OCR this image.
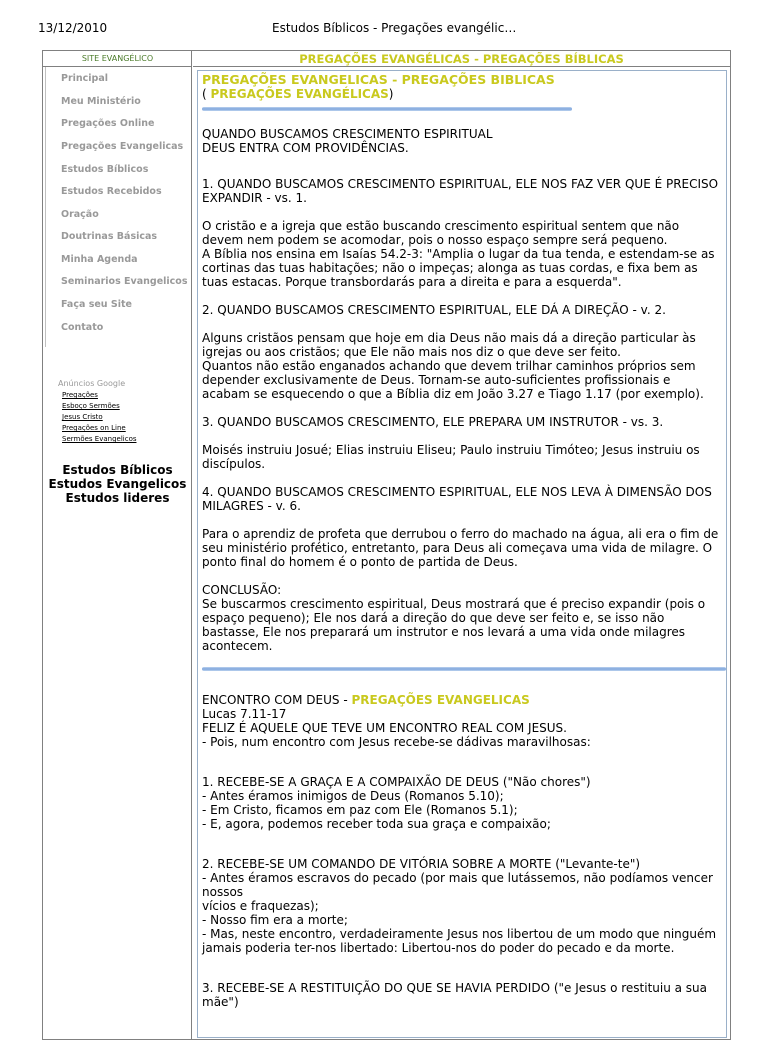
13/12/2010	Estudos Bíblicos - Pregações evangélic…
SITE EVANGÉLICO
Principal
Meu Ministério
Pregações Online
Pregações Evangelicas
Estudos Bíblicos
Estudos Recebidos
Oração
Doutrinas Básicas
Minha Agenda
Seminarios Evangelicos
Faça seu Site
Contato
Anúncios Google
Pregações
Esboço Sermões
Jesus Cristo
Pregações on Line
Sermões Evangelicos
Estudos Bíblicos
Estudos Evangelicos
Estudos lideres
PREGAÇÕES EVANGÉLICAS - PREGAÇÕES BÍBLICAS
PREGAÇÕES EVANGELICAS - PREGAÇÕES BIBLICAS
( PREGAÇÕES EVANGÉLICAS)

QUANDO BUSCAMOS CRESCIMENTO ESPIRITUAL
DEUS ENTRA COM PROVIDÊNCIAS.

1. QUANDO BUSCAMOS CRESCIMENTO ESPIRITUAL, ELE NOS FAZ VER QUE É PRECISO EXPANDIR - vs. 1.

O cristão e a igreja que estão buscando crescimento espiritual sentem que não devem nem podem se acomodar, pois o nosso espaço sempre será pequeno.
A Bíblia nos ensina em Isaías 54.2-3: "Amplia o lugar da tua tenda, e estendam-se as cortinas das tuas habitações; não o impeças; alonga as tuas cordas, e fixa bem as tuas estacas. Porque transbordarás para a direita e para a esquerda".

2. QUANDO BUSCAMOS CRESCIMENTO ESPIRITUAL, ELE DÁ A DIREÇÃO - v. 2.

Alguns cristãos pensam que hoje em dia Deus não mais dá a direção particular às igrejas ou aos cristãos; que Ele não mais nos diz o que deve ser feito.
Quantos não estão enganados achando que devem trilhar caminhos próprios sem depender exclusivamente de Deus. Tornam-se auto-suficientes profissionais e acabam se esquecendo o que a Bíblia diz em João 3.27 e Tiago 1.17 (por exemplo).

3. QUANDO BUSCAMOS CRESCIMENTO, ELE PREPARA UM INSTRUTOR - vs. 3.

Moisés instruiu Josué; Elias instruiu Eliseu; Paulo instruiu Timóteo; Jesus instruiu os discípulos.

4. QUANDO BUSCAMOS CRESCIMENTO ESPIRITUAL, ELE NOS LEVA À DIMENSÃO DOS MILAGRES - v. 6.

Para o aprendiz de profeta que derrubou o ferro do machado na água, ali era o fim de seu ministério profético, entretanto, para Deus ali começava uma vida de milagre. O ponto final do homem é o ponto de partida de Deus.

CONCLUSÃO:
Se buscarmos crescimento espiritual, Deus mostrará que é preciso expandir (pois o espaço pequeno); Ele nos dará a direção do que deve ser feito e, se isso não bastasse, Ele nos preparará um instrutor e nos levará a uma vida onde milagres acontecem.

ENCONTRO COM DEUS - PREGAÇÕES EVANGELICAS

Lucas 7.11-17
FELIZ É AQUELE QUE TEVE UM ENCONTRO REAL COM JESUS.
- Pois, num encontro com Jesus recebe-se dádivas maravilhosas:

1. RECEBE-SE A GRAÇA E A COMPAIXÃO DE DEUS ("Não chores")
- Antes éramos inimigos de Deus (Romanos 5.10);
- Em Cristo, ficamos em paz com Ele (Romanos 5.1);
- E, agora, podemos receber toda sua graça e compaixão;

2. RECEBE-SE UM COMANDO DE VITÓRIA SOBRE A MORTE ("Levante-te")
- Antes éramos escravos do pecado (por mais que lutássemos, não podíamos vencer nossos
vícios e fraquezas);
- Nosso fim era a morte;
- Mas, neste encontro, verdadeiramente Jesus nos libertou de um modo que ninguém
jamais poderia ter-nos libertado: Libertou-nos do poder do pecado e da morte.

3. RECEBE-SE A RESTITUIÇÃO DO QUE SE HAVIA PERDIDO ("e Jesus o restituiu a sua mãe")
